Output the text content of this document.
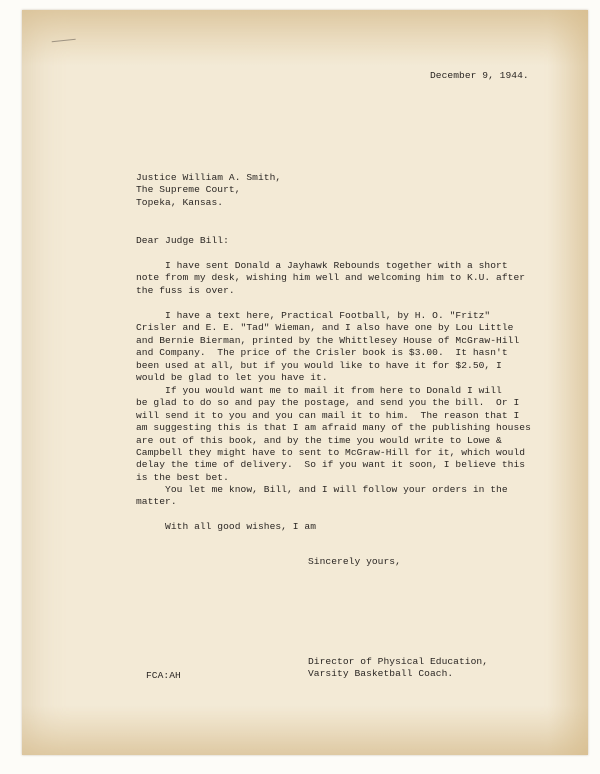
December 9, 1944.

Justice William A. Smith,
The Supreme Court,
Topeka, Kansas.

Dear Judge Bill:

I have sent Donald a Jayhawk Rebounds together with a short
note from my desk, wishing him well and welcoming him to K.U. after
the fuss is over.

I have a text here, Practical Football, by H. O. "Fritz"
Crisler and E. E. "Tad" Wieman, and I also have one by Lou Little
and Bernie Bierman, printed by the Whittlesey House of McGraw-Hill
and Company.  The price of the Crisler book is $3.00.  It hasn't
been used at all, but if you would like to have it for $2.50, I
would be glad to let you have it.

If you would want me to mail it from here to Donald I will
be glad to do so and pay the postage, and send you the bill.  Or I
will send it to you and you can mail it to him.  The reason that I
am suggesting this is that I am afraid many of the publishing houses
are out of this book, and by the time you would write to Lowe &
Campbell they might have to sent to McGraw-Hill for it, which would
delay the time of delivery.  So if you want it soon, I believe this
is the best bet.

You let me know, Bill, and I will follow your orders in the
matter.

With all good wishes, I am

Sincerely yours,

Director of Physical Education,
Varsity Basketball Coach.

FCA:AH
